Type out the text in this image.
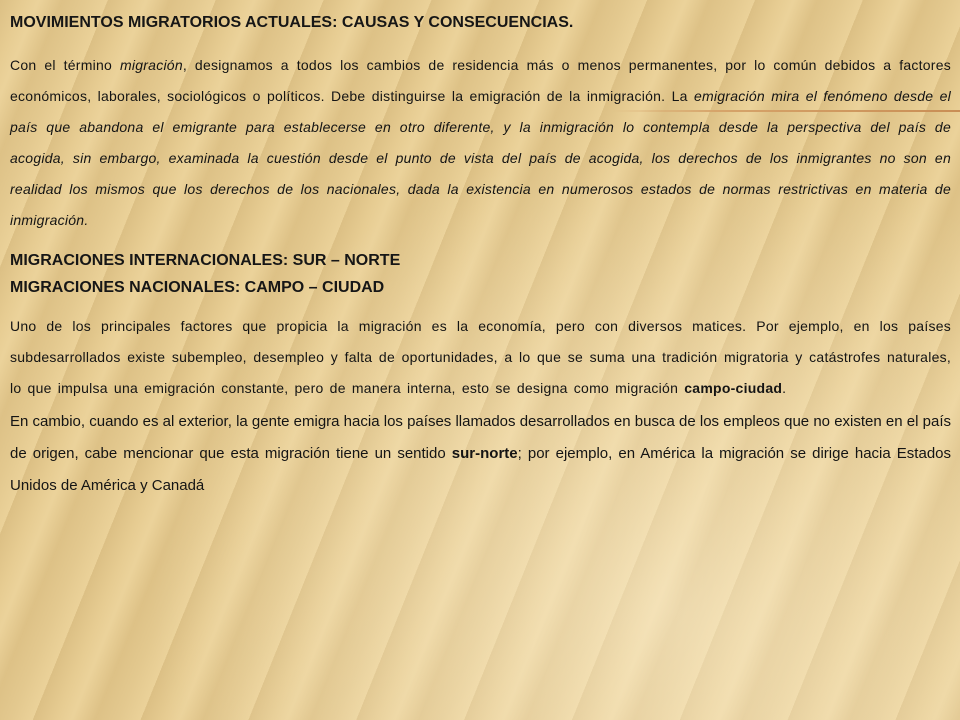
MOVIMIENTOS MIGRATORIOS ACTUALES: CAUSAS Y CONSECUENCIAS.

Con el término migración, designamos a todos los cambios de residencia más o menos permanentes, por lo común debidos a factores económicos, laborales, sociológicos o políticos. Debe distinguirse la emigración de la inmigración. La emigración mira el fenómeno desde el país que abandona el emigrante para establecerse en otro diferente, y la inmigración lo contempla desde la perspectiva del país de acogida, sin embargo, examinada la cuestión desde el punto de vista del país de acogida, los derechos de los inmigrantes no son en realidad los mismos que los derechos de los nacionales, dada la existencia en numerosos estados de normas restrictivas en materia de inmigración.

MIGRACIONES INTERNACIONALES: SUR – NORTE
MIGRACIONES NACIONALES: CAMPO – CIUDAD

Uno de los principales factores que propicia la migración es la economía, pero con diversos matices. Por ejemplo, en los países subdesarrollados existe subempleo, desempleo y falta de oportunidades, a lo que se suma una tradición migratoria y catástrofes naturales, lo que impulsa una emigración constante, pero de manera interna, esto se designa como migración campo-ciudad.

En cambio, cuando es al exterior, la gente emigra hacia los países llamados desarrollados en busca de los empleos que no existen en el país de origen, cabe mencionar que esta migración tiene un sentido sur-norte; por ejemplo, en América la migración se dirige hacia Estados Unidos de América y Canadá
